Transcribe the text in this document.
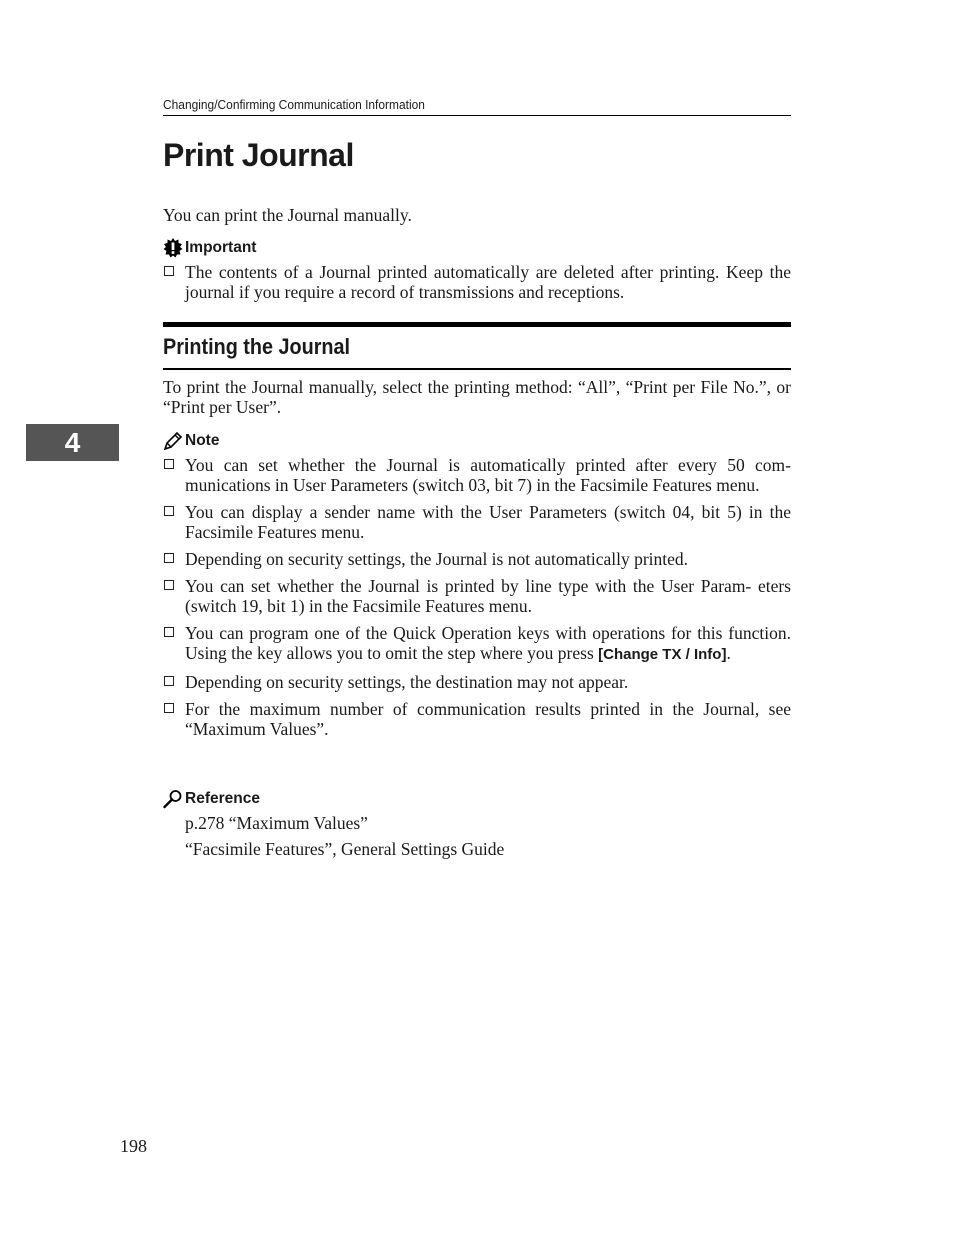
4
Changing/Confirming Communication Information
Print Journal

You can print the Journal manually.

Important
The contents of a Journal printed automatically are deleted after printing. Keep the journal if you require a record of transmissions and receptions.
Printing the Journal

To print the Journal manually, select the printing method: “All”, “Print per File No.”, or “Print per User”.

Note
You can set whether the Journal is automatically printed after every 50 com- munications in User Parameters (switch 03, bit 7) in the Facsimile Features menu.
You can display a sender name with the User Parameters (switch 04, bit 5) in the Facsimile Features menu.
Depending on security settings, the Journal is not automatically printed.
You can set whether the Journal is printed by line type with the User Param- eters (switch 19, bit 1) in the Facsimile Features menu.
You can program one of the Quick Operation keys with operations for this function. Using the key allows you to omit the step where you press [Change TX / Info].
Depending on security settings, the destination may not appear.
For the maximum number of communication results printed in the Journal, see “Maximum Values”.
Reference
p.278 “Maximum Values”
“Facsimile Features”, General Settings Guide
198
